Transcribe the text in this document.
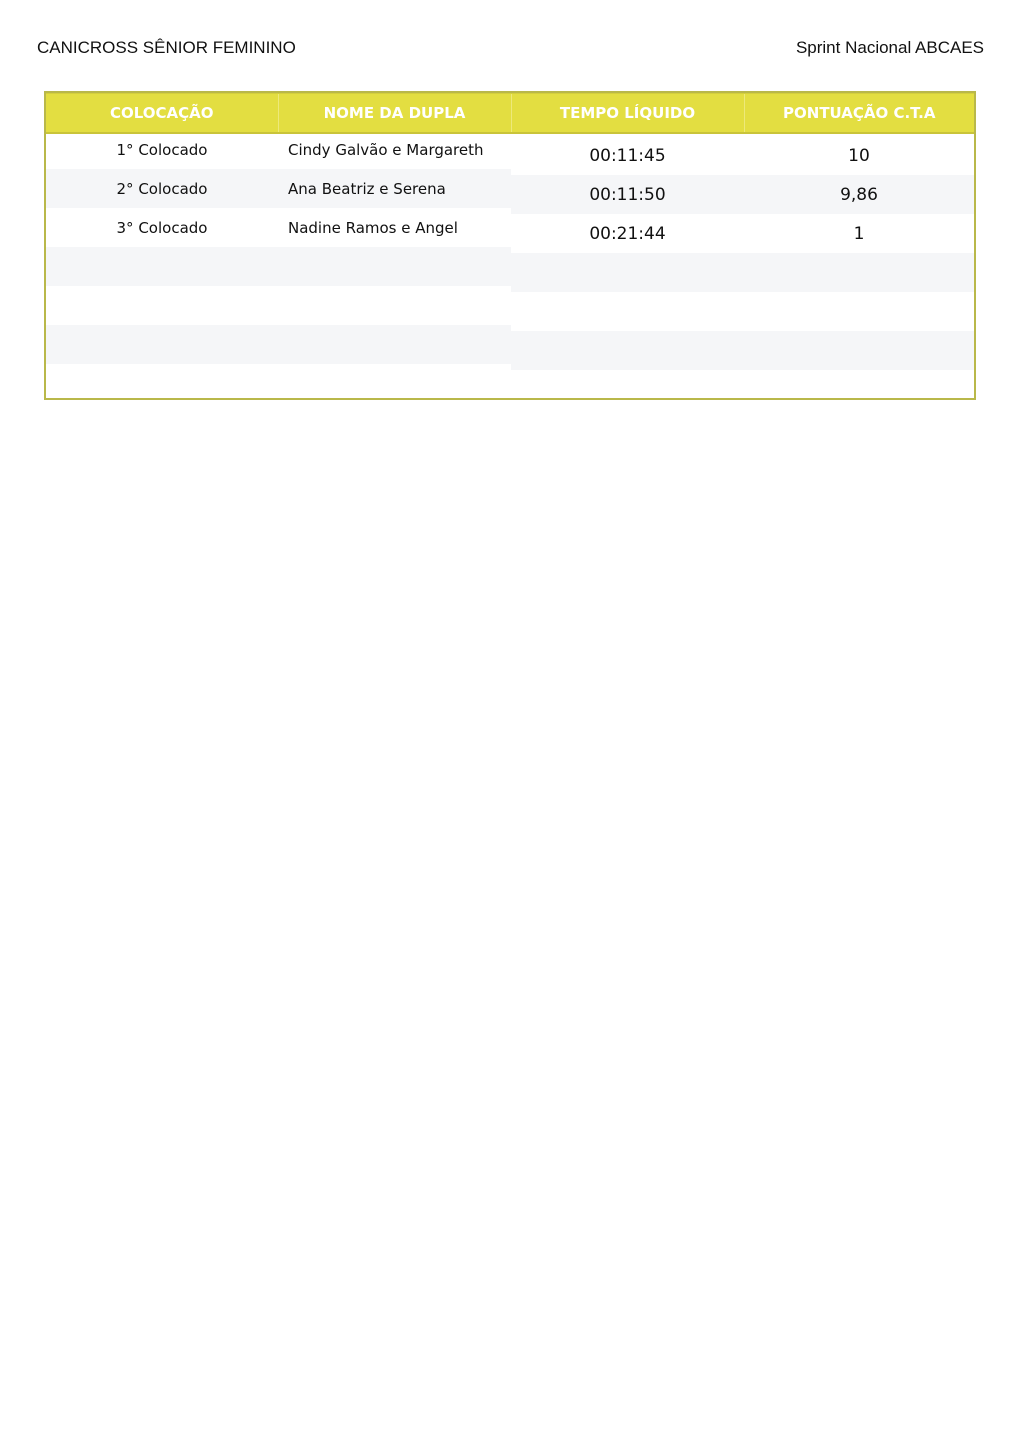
CANICROSS SÊNIOR FEMININO	Sprint Nacional ABCAES
COLOCAÇÃO	NOME DA DUPLA	TEMPO LÍQUIDO	PONTUAÇÃO C.T.A
1° Colocado	Cindy Galvão e Margareth	00:11:45	10
2° Colocado	Ana Beatriz e Serena	00:11:50	9,86
3° Colocado	Nadine Ramos e Angel	00:21:44	1
